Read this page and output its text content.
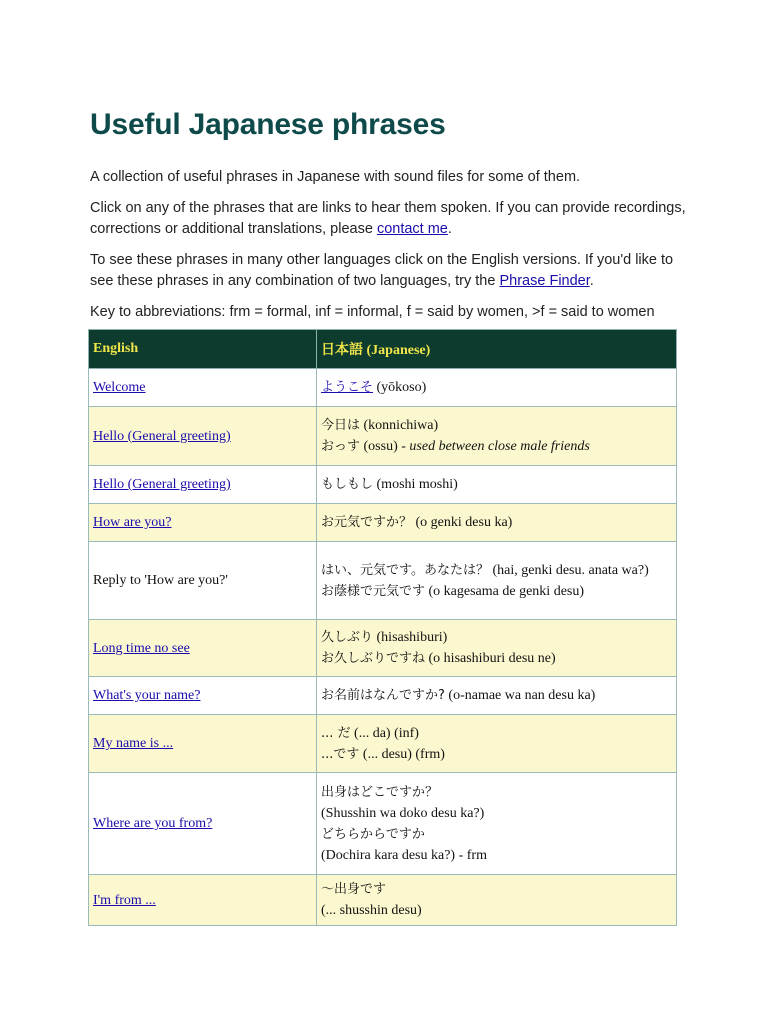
Useful Japanese phrases

A collection of useful phrases in Japanese with sound files for some of them.

Click on any of the phrases that are links to hear them spoken. If you can provide recordings, corrections or additional translations, please contact me.

To see these phrases in many other languages click on the English versions. If you'd like to see these phrases in any combination of two languages, try the Phrase Finder.

Key to abbreviations: frm = formal, inf = informal, f = said by women, >f = said to women

English	日本語 (Japanese)
Welcome	ようこそ (yōkoso)
Hello (General greeting)	今日は (konnichiwa)
おっす (ossu) - used between close male friends

Hello (General greeting)	もしもし (moshi moshi)
How are you?	お元気ですか？ (o genki desu ka)
Reply to 'How are you?'	はい、元気です。あなたは？ (hai, genki desu. anata wa?)
お蔭様で元気です (o kagesama de genki desu)

Long time no see	久しぶり (hisashiburi)
お久しぶりですね (o hisashiburi desu ne)

What's your name?	お名前はなんですか? (o-namae wa nan desu ka)
My name is ...	... だ (... da) (inf)
...です (... desu) (frm)

Where are you from?	出身はどこですか？
(Shusshin wa doko desu ka?)
どちらからですか
(Dochira kara desu ka?) - frm

I'm from ...	～出身です
(... shusshin desu)
